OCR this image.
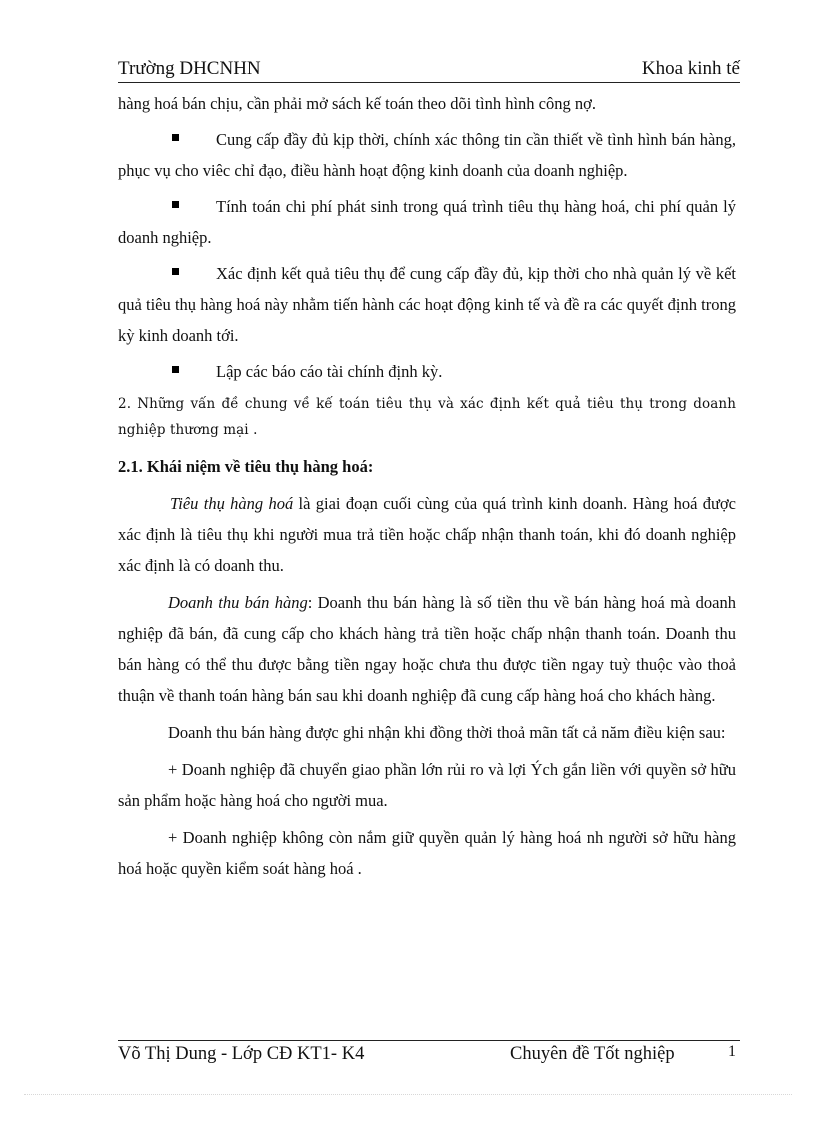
Trường DHCNHN	Khoa kinh tế

hàng hoá bán chịu, cần phải mở sách kế toán theo dõi tình hình công nợ.

Cung cấp đầy đủ kịp thời, chính xác thông tin cần thiết về tình hình bán hàng, phục vụ cho viêc chỉ đạo, điều hành hoạt động kinh doanh của doanh nghiệp.
Tính toán chi phí phát sinh trong quá trình tiêu thụ hàng hoá, chi phí quản lý doanh nghiệp.
Xác định kết quả tiêu thụ để cung cấp đầy đủ, kịp thời cho nhà quản lý về kết quả tiêu thụ hàng hoá này nhằm tiến hành các hoạt động kinh tế và đề ra các quyết định trong kỳ kinh doanh tới.
Lập các báo cáo tài chính định kỳ.

2. Những vấn đề chung về kế toán tiêu thụ và xác định kết quả tiêu thụ trong doanh nghiệp thương mại .

2.1. Khái niệm về tiêu thụ hàng hoá:

Tiêu thụ hàng hoá là giai đoạn cuối cùng của quá trình kinh doanh. Hàng hoá được xác định là tiêu thụ khi người mua trả tiền hoặc chấp nhận thanh toán, khi đó doanh nghiệp xác định là có doanh thu.

Doanh thu bán hàng: Doanh thu bán hàng là số tiền thu về bán hàng hoá mà doanh nghiệp đã bán, đã cung cấp cho khách hàng trả tiền hoặc chấp nhận thanh toán. Doanh thu bán hàng có thể thu được bằng tiền ngay hoặc chưa thu được tiền ngay tuỳ thuộc vào thoả thuận về thanh toán hàng bán sau khi doanh nghiệp đã cung cấp hàng hoá cho khách hàng.

Doanh thu bán hàng được ghi nhận khi đồng thời thoả mãn tất cả năm điều kiện sau:

+ Doanh nghiệp đã chuyển giao phần lớn rủi ro và lợi Ých gắn liền với quyền sở hữu sản phẩm hoặc hàng hoá cho người mua.

+ Doanh nghiệp không còn nắm giữ quyền quản lý hàng hoá nh người sở hữu hàng hoá hoặc quyền kiểm soát hàng hoá .

Võ Thị Dung - Lớp CĐ KT1- K4	Chuyên đề Tốt nghiệp	1
